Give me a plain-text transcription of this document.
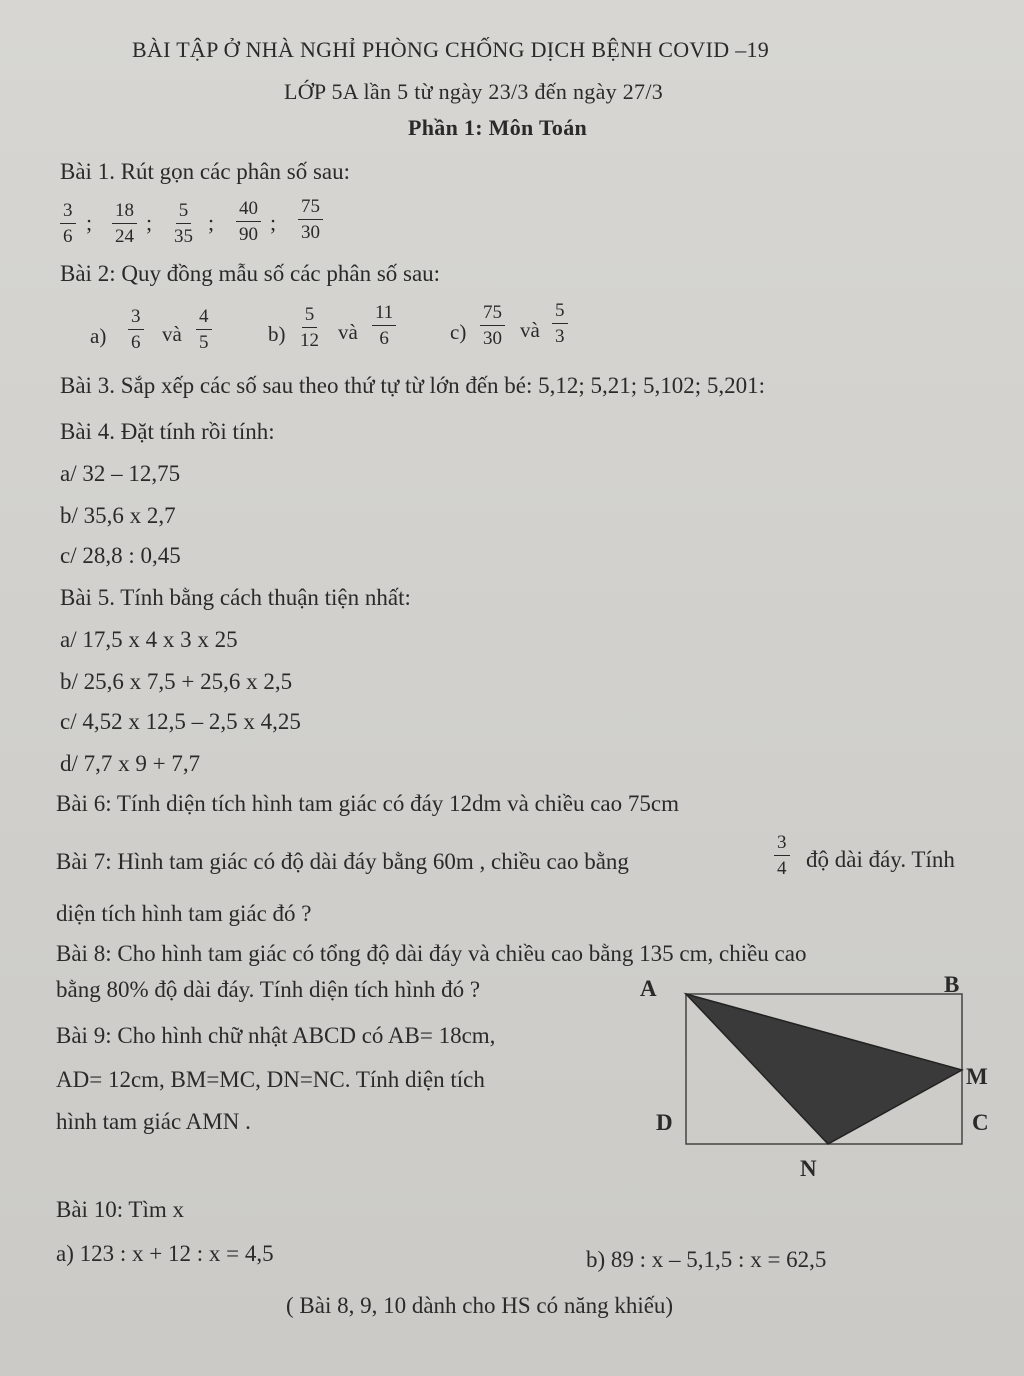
BÀI TẬP Ở NHÀ NGHỈ PHÒNG CHỐNG DỊCH BỆNH COVID –19
LỚP 5A lần 5 từ ngày 23/3 đến ngày 27/3
Phần 1: Môn Toán
Bài 1. Rút gọn các phân số sau:
$\frac{3}{6}$ ; $\frac{18}{24}$ ; $\frac{5}{35}$ ; $\frac{40}{90}$ ; $\frac{75}{30}$
Bài 2: Quy đồng mẫu số các phân số sau:
$a) \frac{3}{6}$ và $\frac{4}{5}$	$b) \frac{5}{12}$ và $\frac{11}{6}$	$c) \frac{75}{30}$ và $\frac{5}{3}$
Bài 3. Sắp xếp các số sau theo thứ tự từ lớn đến bé: 5,12; 5,21; 5,102; 5,201:
Bài 4. Đặt tính rồi tính:
a/ 32 – 12,75
b/ 35,6 x 2,7
c/ 28,8 : 0,45
Bài 5. Tính bằng cách thuận tiện nhất:
a/ 17,5 x 4 x 3 x 25
b/ 25,6 x 7,5 + 25,6 x 2,5
c/ 4,52 x 12,5 – 2,5 x 4,25
d/ 7,7 x 9 + 7,7
Bài 6: Tính diện tích hình tam giác có đáy 12dm và chiều cao 75cm
Bài 7: Hình tam giác có độ dài đáy bằng 60m , chiều cao bằng	$\frac{3}{4}$ độ dài đáy. Tính
diện tích hình tam giác đó ?
Bài 8: Cho hình tam giác có tổng độ dài đáy và chiều cao bằng 135 cm, chiều cao
bằng 80% độ dài đáy. Tính diện tích hình đó ?
Bài 9: Cho hình chữ nhật ABCD có AB= 18cm,
AD= 12cm, BM=MC, DN=NC. Tính diện tích
hình tam giác AMN .
A	B
M
C
D
N
Bài 10: Tìm x
a) 123 : x + 12 : x = 4,5	b) 89 : x – 5,1,5 : x = 62,5
( Bài 8, 9, 10 dành cho HS có năng khiếu)
